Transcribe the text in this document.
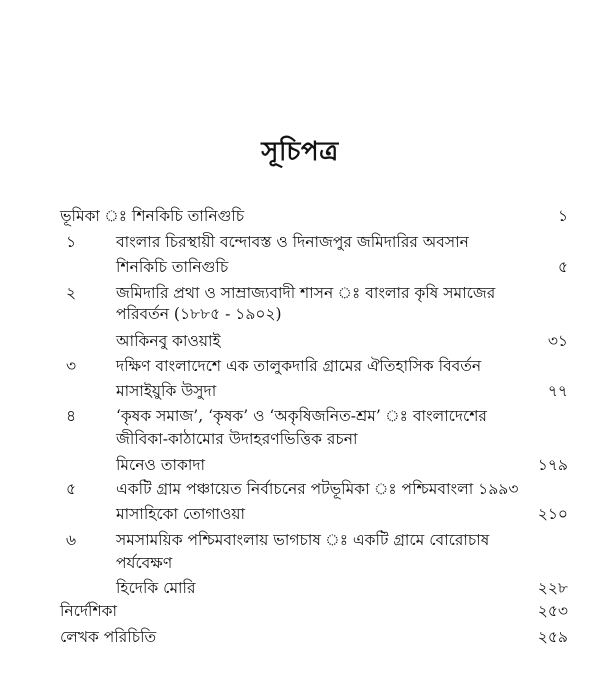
সূচিপত্র
ভূমিকা ঃ শিনকিচি তানিগুচি	১
১	বাংলার চিরস্থায়ী বন্দোবস্ত ও দিনাজপুর জমিদারির অবসান
শিনকিচি তানিগুচি	৫
২	জমিদারি প্রথা ও সাম্রাজ্যবাদী শাসন ঃ বাংলার কৃষি সমাজের
পরিবর্তন (১৮৮৫ - ১৯০২)
আকিনবু কাওয়াই	৩১
৩	দক্ষিণ বাংলাদেশে এক তালুকদারি গ্রামের ঐতিহাসিক বিবর্তন
মাসাইয়ুকি উসুদা	৭৭
৪	‘কৃষক সমাজ’, ‘কৃষক’ ও ‘অকৃষিজনিত-শ্রম’ ঃ বাংলাদেশের
জীবিকা-কাঠামোর উদাহরণভিত্তিক রচনা
মিনেও তাকাদা	১৭৯
৫	একটি গ্রাম পঞ্চায়েত নির্বাচনের পটভূমিকা ঃ পশ্চিমবাংলা ১৯৯৩
মাসাহিকো তোগাওয়া	২১০
৬	সমসাময়িক পশ্চিমবাংলায় ভাগচাষ ঃ একটি গ্রামে বোরোচাষ
পর্যবেক্ষণ
হিদেকি মোরি	২২৮
নির্দেশিকা	২৫৩
লেখক পরিচিতি	২৫৯
